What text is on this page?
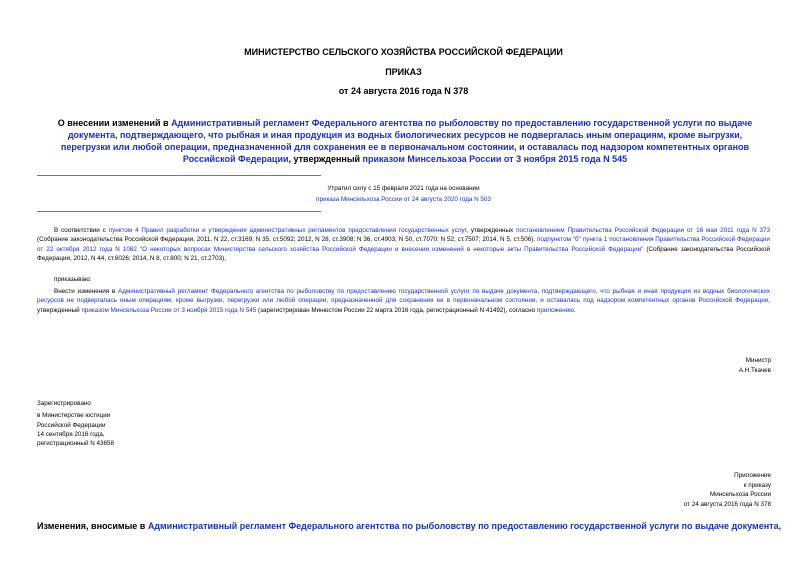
МИНИСТЕРСТВО СЕЛЬСКОГО ХОЗЯЙСТВА РОССИЙСКОЙ ФЕДЕРАЦИИ
ПРИКАЗ
от 24 августа 2016 года N 378
О внесении изменений в Административный регламент Федерального агентства по рыболовству по предоставлению государственной услуги по выдаче документа, подтверждающего, что рыбная и иная продукция из водных биологических ресурсов не подвергалась иным операциям, кроме выгрузки, перегрузки или любой операции, предназначенной для сохранения ее в первоначальном состоянии, и оставалась под надзором компетентных органов Российской Федерации, утвержденный приказом Минсельхоза России от 3 ноября 2015 года N 545
Утратил силу с 15 февраля 2021 года на основании
приказа Минсельхоза России от 24 августа 2020 года N 503
В соответствии с пунктом 4 Правил разработки и утверждения административных регламентов предоставления государственных услуг, утвержденных постановлением Правительства Российской Федерации от 16 мая 2011 года N 373 (Собрание законодательства Российской Федерации, 2011, N 22, ст.3169; N 35, ст.5092; 2012, N 28, ст.3908; N 36, ст.4903; N 50, ст.7070; N 52, ст.7507; 2014, N 5, ст.506), подпунктом "б" пункта 1 постановления Правительства Российской Федерации от 22 октября 2012 года N 1082 "О некоторых вопросах Министерства сельского хозяйства Российской Федерации и внесении изменений в некоторые акты Правительства Российской Федерации" (Собрание законодательства Российской Федерации, 2012, N 44, ст.6026; 2014, N 8, ст.800; N 21, ст.2703),
приказываю:
Внести изменения в Административный регламент Федерального агентства по рыболовству по предоставлению государственной услуги по выдаче документа, подтверждающего, что рыбная и иная продукция из водных биологических ресурсов не подвергалась иным операциям, кроме выгрузки, перегрузки или любой операции, предназначенной для сохранения ее в первоначальном состоянии, и оставалась под надзором компетентных органов Российской Федерации, утвержденный приказом Минсельхоза России от 3 ноября 2015 года N 545 (зарегистрирован Минюстом России 22 марта 2016 года, регистрационный N 41492), согласно приложению.
Министр
А.Н.Ткачев
Зарегистрировано
в Министерстве юстиции
Российской Федерации
14 сентября 2016 года,
регистрационный N 43658
Приложение
к приказу
Минсельхоза России
от 24 августа 2016 года N 378
Изменения, вносимые в Административный регламент Федерального агентства по рыболовству по предоставлению государственной услуги по выдаче документа,
